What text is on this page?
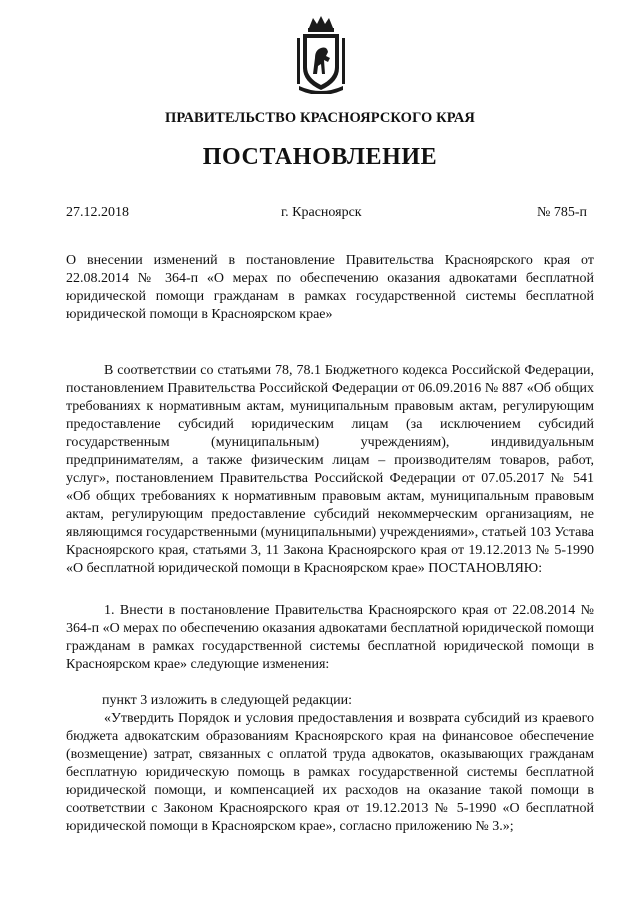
ПРАВИТЕЛЬСТВО КРАСНОЯРСКОГО КРАЯ
ПОСТАНОВЛЕНИЕ
27.12.2018	г. Красноярск	№ 785-п
О внесении изменений в постановление Правительства Красноярского края от 22.08.2014 № 364-п «О мерах по обеспечению оказания адвокатами бесплатной юридической помощи гражданам в рамках государственной системы бесплатной юридической помощи в Красноярском крае»
В соответствии со статьями 78, 78.1 Бюджетного кодекса Российской Федерации, постановлением Правительства Российской Федерации от 06.09.2016 № 887 «Об общих требованиях к нормативным актам, муниципальным правовым актам, регулирующим предоставление субсидий юридическим лицам (за исключением субсидий государственным (муниципальным) учреждениям), индивидуальным предпринимателям, а также физическим лицам – производителям товаров, работ, услуг», постановлением Правительства Российской Федерации от 07.05.2017 № 541 «Об общих требованиях к нормативным правовым актам, муниципальным правовым актам, регулирующим предоставление субсидий некоммерческим организациям, не являющимся государственными (муниципальными) учреждениями», статьей 103 Устава Красноярского края, статьями 3, 11 Закона Красноярского края от 19.12.2013 № 5-1990 «О бесплатной юридической помощи в Красноярском крае» ПОСТАНОВЛЯЮ:
1. Внести в постановление Правительства Красноярского края от 22.08.2014 № 364-п «О мерах по обеспечению оказания адвокатами бесплатной юридической помощи гражданам в рамках государственной системы бесплатной юридической помощи в Красноярском крае» следующие изменения:
пункт 3 изложить в следующей редакции:
«Утвердить Порядок и условия предоставления и возврата субсидий из краевого бюджета адвокатским образованиям Красноярского края на финансовое обеспечение (возмещение) затрат, связанных с оплатой труда адвокатов, оказывающих гражданам бесплатную юридическую помощь в рамках государственной системы бесплатной юридической помощи, и компенсацией их расходов на оказание такой помощи в соответствии с Законом Красноярского края от 19.12.2013 № 5-1990 «О бесплатной юридической помощи в Красноярском крае», согласно приложению № 3.»;
